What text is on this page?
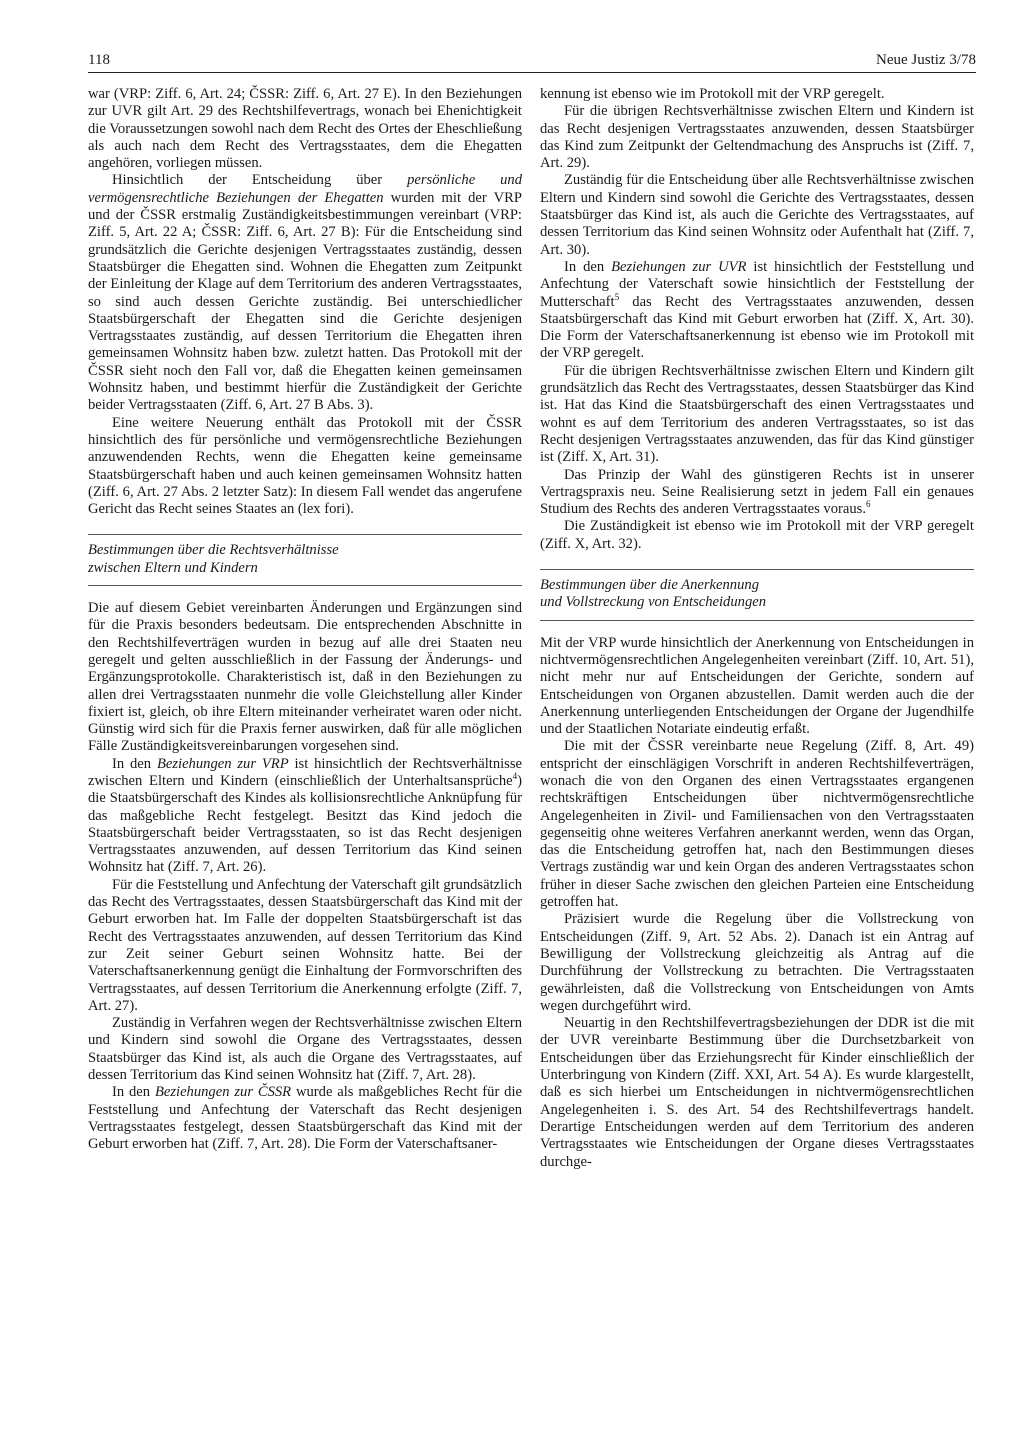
118	Neue Justiz 3/78

war (VRP: Ziff. 6, Art. 24; ČSSR: Ziff. 6, Art. 27 E). In den Beziehungen zur UVR gilt Art. 29 des Rechtshilfevertrags, wonach bei Ehenichtigkeit die Voraussetzungen sowohl nach dem Recht des Ortes der Eheschließung als auch nach dem Recht des Vertragsstaates, dem die Ehegatten angehören, vorliegen müssen.

Hinsichtlich der Entscheidung über persönliche und vermögensrechtliche Beziehungen der Ehegatten wurden mit der VRP und der ČSSR erstmalig Zuständigkeitsbestimmungen vereinbart (VRP: Ziff. 5, Art. 22 A; ČSSR: Ziff. 6, Art. 27 B): Für die Entscheidung sind grundsätzlich die Gerichte desjenigen Vertragsstaates zuständig, dessen Staatsbürger die Ehegatten sind. Wohnen die Ehegatten zum Zeitpunkt der Einleitung der Klage auf dem Territorium des anderen Vertragsstaates, so sind auch dessen Gerichte zuständig. Bei unterschiedlicher Staatsbürgerschaft der Ehegatten sind die Gerichte desjenigen Vertragsstaates zuständig, auf dessen Territorium die Ehegatten ihren gemeinsamen Wohnsitz haben bzw. zuletzt hatten. Das Protokoll mit der ČSSR sieht noch den Fall vor, daß die Ehegatten keinen gemeinsamen Wohnsitz haben, und bestimmt hierfür die Zuständigkeit der Gerichte beider Vertragsstaaten (Ziff. 6, Art. 27 B Abs. 3).

Eine weitere Neuerung enthält das Protokoll mit der ČSSR hinsichtlich des für persönliche und vermögensrechtliche Beziehungen anzuwendenden Rechts, wenn die Ehegatten keine gemeinsame Staatsbürgerschaft haben und auch keinen gemeinsamen Wohnsitz hatten (Ziff. 6, Art. 27 Abs. 2 letzter Satz): In diesem Fall wendet das angerufene Gericht das Recht seines Staates an (lex fori).

Bestimmungen über die Rechtsverhältnisse
zwischen Eltern und Kindern

Die auf diesem Gebiet vereinbarten Änderungen und Ergänzungen sind für die Praxis besonders bedeutsam. Die entsprechenden Abschnitte in den Rechtshilfeverträgen wurden in bezug auf alle drei Staaten neu geregelt und gelten ausschließlich in der Fassung der Änderungs- und Ergänzungsprotokolle. Charakteristisch ist, daß in den Beziehungen zu allen drei Vertragsstaaten nunmehr die volle Gleichstellung aller Kinder fixiert ist, gleich, ob ihre Eltern miteinander verheiratet waren oder nicht. Günstig wird sich für die Praxis ferner auswirken, daß für alle möglichen Fälle Zuständigkeitsvereinbarungen vorgesehen sind.

In den Beziehungen zur VRP ist hinsichtlich der Rechtsverhältnisse zwischen Eltern und Kindern (einschließlich der Unterhaltsansprüche$^4$) die Staatsbürgerschaft des Kindes als kollisionsrechtliche Anknüpfung für das maßgebliche Recht festgelegt. Besitzt das Kind jedoch die Staatsbürgerschaft beider Vertragsstaaten, so ist das Recht desjenigen Vertragsstaates anzuwenden, auf dessen Territorium das Kind seinen Wohnsitz hat (Ziff. 7, Art. 26).

Für die Feststellung und Anfechtung der Vaterschaft gilt grundsätzlich das Recht des Vertragsstaates, dessen Staatsbürgerschaft das Kind mit der Geburt erworben hat. Im Falle der doppelten Staatsbürgerschaft ist das Recht des Vertragsstaates anzuwenden, auf dessen Territorium das Kind zur Zeit seiner Geburt seinen Wohnsitz hatte. Bei der Vaterschaftsanerkennung genügt die Einhaltung der Formvorschriften des Vertragsstaates, auf dessen Territorium die Anerkennung erfolgte (Ziff. 7, Art. 27).

Zuständig in Verfahren wegen der Rechtsverhältnisse zwischen Eltern und Kindern sind sowohl die Organe des Vertragsstaates, dessen Staatsbürger das Kind ist, als auch die Organe des Vertragsstaates, auf dessen Territorium das Kind seinen Wohnsitz hat (Ziff. 7, Art. 28).

In den Beziehungen zur ČSSR wurde als maßgebliches Recht für die Feststellung und Anfechtung der Vaterschaft das Recht desjenigen Vertragsstaates festgelegt, dessen Staatsbürgerschaft das Kind mit der Geburt erworben hat (Ziff. 7, Art. 28). Die Form der Vaterschaftsaner-

kennung ist ebenso wie im Protokoll mit der VRP geregelt.

Für die übrigen Rechtsverhältnisse zwischen Eltern und Kindern ist das Recht desjenigen Vertragsstaates anzuwenden, dessen Staatsbürger das Kind zum Zeitpunkt der Geltendmachung des Anspruchs ist (Ziff. 7, Art. 29).

Zuständig für die Entscheidung über alle Rechtsverhältnisse zwischen Eltern und Kindern sind sowohl die Gerichte des Vertragsstaates, dessen Staatsbürger das Kind ist, als auch die Gerichte des Vertragsstaates, auf dessen Territorium das Kind seinen Wohnsitz oder Aufenthalt hat (Ziff. 7, Art. 30).

In den Beziehungen zur UVR ist hinsichtlich der Feststellung und Anfechtung der Vaterschaft sowie hinsichtlich der Feststellung der Mutterschaft$^5$ das Recht des Vertragsstaates anzuwenden, dessen Staatsbürgerschaft das Kind mit Geburt erworben hat (Ziff. X, Art. 30). Die Form der Vaterschaftsanerkennung ist ebenso wie im Protokoll mit der VRP geregelt.

Für die übrigen Rechtsverhältnisse zwischen Eltern und Kindern gilt grundsätzlich das Recht des Vertragsstaates, dessen Staatsbürger das Kind ist. Hat das Kind die Staatsbürgerschaft des einen Vertragsstaates und wohnt es auf dem Territorium des anderen Vertragsstaates, so ist das Recht desjenigen Vertragsstaates anzuwenden, das für das Kind günstiger ist (Ziff. X, Art. 31).

Das Prinzip der Wahl des günstigeren Rechts ist in unserer Vertragspraxis neu. Seine Realisierung setzt in jedem Fall ein genaues Studium des Rechts des anderen Vertragsstaates voraus.$^6$

Die Zuständigkeit ist ebenso wie im Protokoll mit der VRP geregelt (Ziff. X, Art. 32).

Bestimmungen über die Anerkennung
und Vollstreckung von Entscheidungen

Mit der VRP wurde hinsichtlich der Anerkennung von Entscheidungen in nichtvermögensrechtlichen Angelegenheiten vereinbart (Ziff. 10, Art. 51), nicht mehr nur auf Entscheidungen der Gerichte, sondern auf Entscheidungen von Organen abzustellen. Damit werden auch die der Anerkennung unterliegenden Entscheidungen der Organe der Jugendhilfe und der Staatlichen Notariate eindeutig erfaßt.

Die mit der ČSSR vereinbarte neue Regelung (Ziff. 8, Art. 49) entspricht der einschlägigen Vorschrift in anderen Rechtshilfeverträgen, wonach die von den Organen des einen Vertragsstaates ergangenen rechtskräftigen Entscheidungen über nichtvermögensrechtliche Angelegenheiten in Zivil- und Familiensachen von den Vertragsstaaten gegenseitig ohne weiteres Verfahren anerkannt werden, wenn das Organ, das die Entscheidung getroffen hat, nach den Bestimmungen dieses Vertrags zuständig war und kein Organ des anderen Vertragsstaates schon früher in dieser Sache zwischen den gleichen Parteien eine Entscheidung getroffen hat.

Präzisiert wurde die Regelung über die Vollstreckung von Entscheidungen (Ziff. 9, Art. 52 Abs. 2). Danach ist ein Antrag auf Bewilligung der Vollstreckung gleichzeitig als Antrag auf die Durchführung der Vollstreckung zu betrachten. Die Vertragsstaaten gewährleisten, daß die Vollstreckung von Entscheidungen von Amts wegen durchgeführt wird.

Neuartig in den Rechtshilfevertragsbeziehungen der DDR ist die mit der UVR vereinbarte Bestimmung über die Durchsetzbarkeit von Entscheidungen über das Erziehungsrecht für Kinder einschließlich der Unterbringung von Kindern (Ziff. XXI, Art. 54 A). Es wurde klargestellt, daß es sich hierbei um Entscheidungen in nichtvermögensrechtlichen Angelegenheiten i. S. des Art. 54 des Rechtshilfevertrags handelt. Derartige Entscheidungen werden auf dem Territorium des anderen Vertragsstaates wie Entscheidungen der Organe dieses Vertragsstaates durchge-
